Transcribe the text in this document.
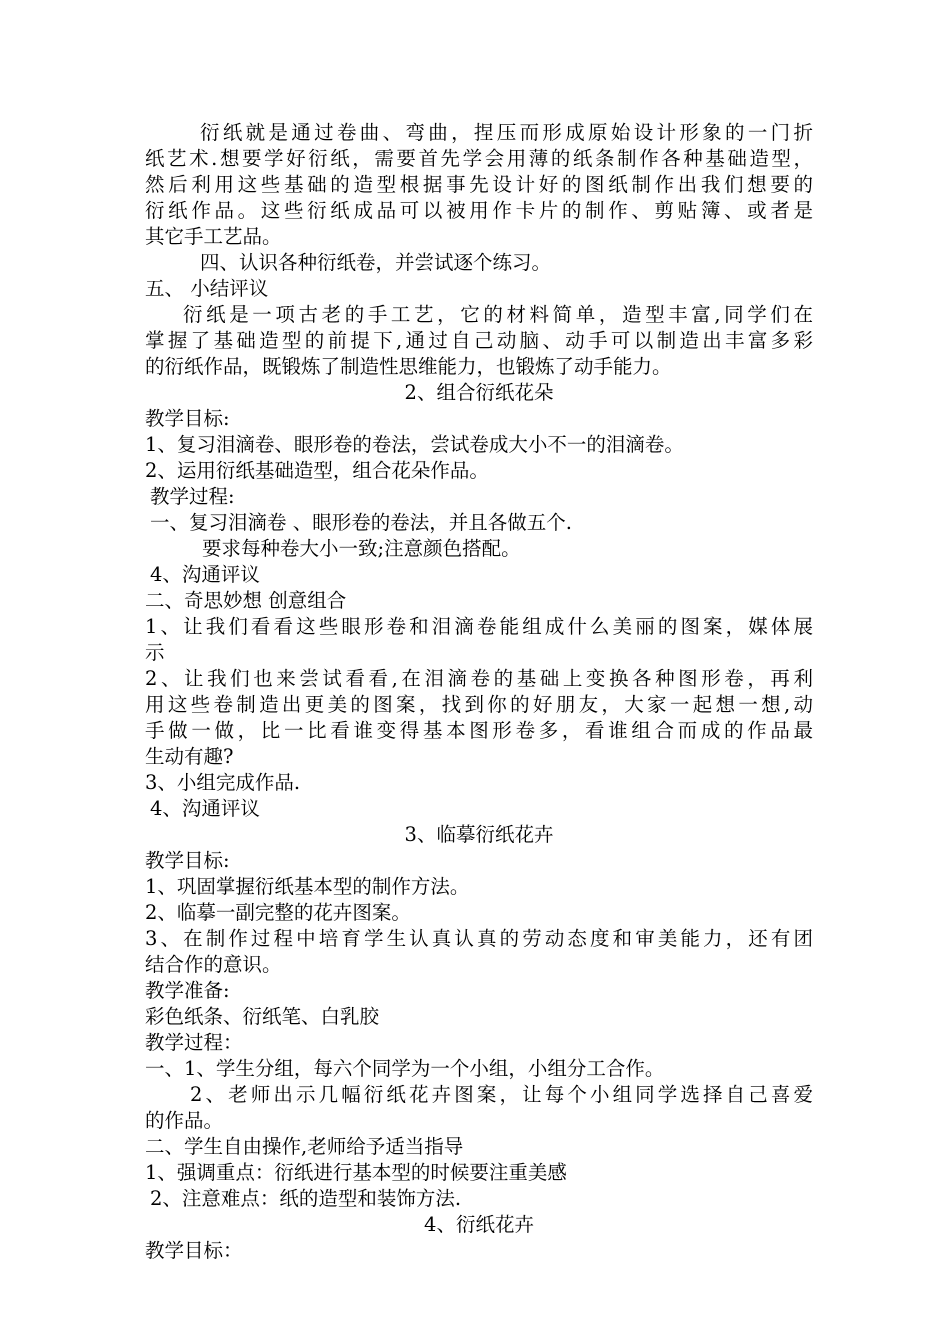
衍纸就是通过卷曲、弯曲，捏压而形成原始设计形象的一门折
纸艺术.想要学好衍纸，需要首先学会用薄的纸条制作各种基础造型，
然后利用这些基础的造型根据事先设计好的图纸制作出我们想要的
衍纸作品。这些衍纸成品可以被用作卡片的制作、剪贴簿、或者是
其它手工艺品。
四、认识各种衍纸卷，并尝试逐个练习。
五、 小结评议
衍纸是一项古老的手工艺，它的材料简单，造型丰富,同学们在
掌握了基础造型的前提下,通过自己动脑、动手可以制造出丰富多彩
的衍纸作品，既锻炼了制造性思维能力，也锻炼了动手能力。
2、组合衍纸花朵
教学目标:
1、复习泪滴卷、眼形卷的卷法，尝试卷成大小不一的泪滴卷。
2、运用衍纸基础造型，组合花朵作品。
教学过程:
一、复习泪滴卷 、眼形卷的卷法，并且各做五个.
要求每种卷大小一致;注意颜色搭配。
4、沟通评议
二、奇思妙想 创意组合
1、让我们看看这些眼形卷和泪滴卷能组成什么美丽的图案，媒体展
示
2、让我们也来尝试看看,在泪滴卷的基础上变换各种图形卷，再利
用这些卷制造出更美的图案，找到你的好朋友，大家一起想一想,动
手做一做，比一比看谁变得基本图形卷多，看谁组合而成的作品最
生动有趣?
3、小组完成作品.
4、沟通评议
3、临摹衍纸花卉
教学目标:
1、巩固掌握衍纸基本型的制作方法。
2、临摹一副完整的花卉图案。
3、在制作过程中培育学生认真认真的劳动态度和审美能力，还有团
结合作的意识。
教学准备:
彩色纸条、衍纸笔、白乳胶
教学过程：
一、1、学生分组，每六个同学为一个小组，小组分工合作。
2、老师出示几幅衍纸花卉图案，让每个小组同学选择自己喜爱
的作品。
二、学生自由操作,老师给予适当指导
1、强调重点：衍纸进行基本型的时候要注重美感
2、注意难点：纸的造型和装饰方法.
4、衍纸花卉
教学目标：
